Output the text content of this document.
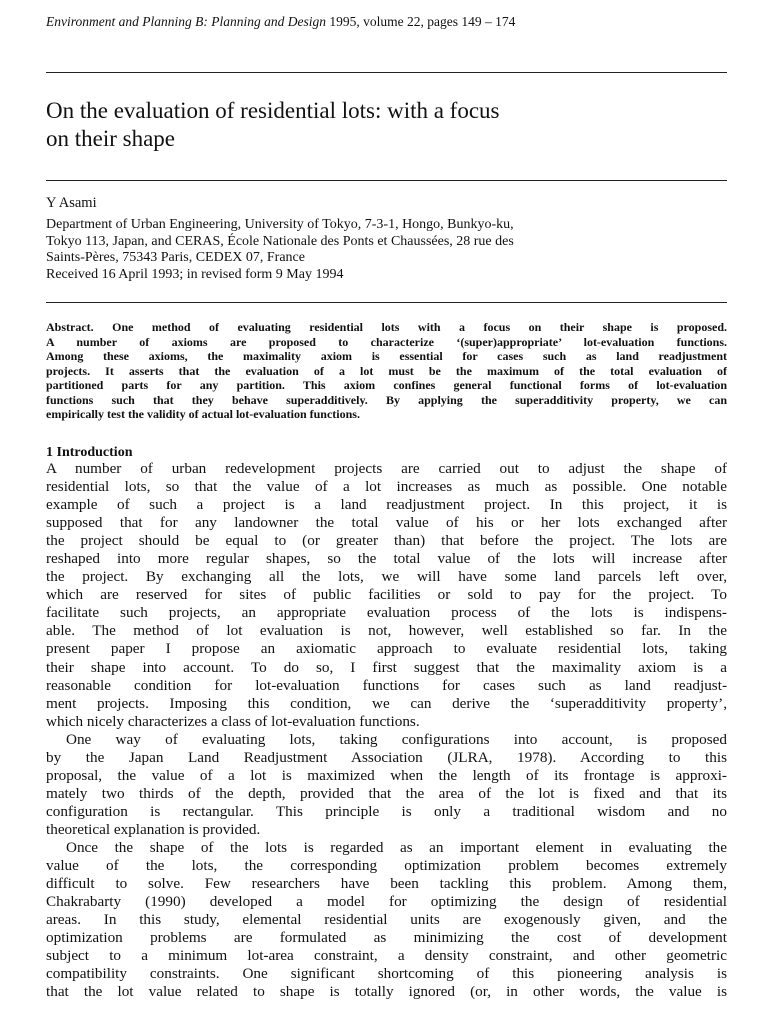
Environment and Planning B: Planning and Design 1995, volume 22, pages 149 – 174
On the evaluation of residential lots: with a focus
on their shape
Y Asami
Department of Urban Engineering, University of Tokyo, 7-3-1, Hongo, Bunkyo-ku,
Tokyo 113, Japan, and CERAS, École Nationale des Ponts et Chaussées, 28 rue des
Saints-Pères, 75343 Paris, CEDEX 07, France
Received 16 April 1993; in revised form 9 May 1994
Abstract. One method of evaluating residential lots with a focus on their shape is proposed.
A number of axioms are proposed to characterize ‘(super)appropriate’ lot-evaluation functions.
Among these axioms, the maximality axiom is essential for cases such as land readjustment
projects. It asserts that the evaluation of a lot must be the maximum of the total evaluation of
partitioned parts for any partition. This axiom confines general functional forms of lot-evaluation
functions such that they behave superadditively. By applying the superadditivity property, we can
empirically test the validity of actual lot-evaluation functions.
1 Introduction
A number of urban redevelopment projects are carried out to adjust the shape of
residential lots, so that the value of a lot increases as much as possible. One notable
example of such a project is a land readjustment project. In this project, it is
supposed that for any landowner the total value of his or her lots exchanged after
the project should be equal to (or greater than) that before the project. The lots are
reshaped into more regular shapes, so the total value of the lots will increase after
the project. By exchanging all the lots, we will have some land parcels left over,
which are reserved for sites of public facilities or sold to pay for the project. To
facilitate such projects, an appropriate evaluation process of the lots is indispens-
able. The method of lot evaluation is not, however, well established so far. In the
present paper I propose an axiomatic approach to evaluate residential lots, taking
their shape into account. To do so, I first suggest that the maximality axiom is a
reasonable condition for lot-evaluation functions for cases such as land readjust-
ment projects. Imposing this condition, we can derive the ‘superadditivity property’,
which nicely characterizes a class of lot-evaluation functions.
One way of evaluating lots, taking configurations into account, is proposed
by the Japan Land Readjustment Association (JLRA, 1978). According to this
proposal, the value of a lot is maximized when the length of its frontage is approxi-
mately two thirds of the depth, provided that the area of the lot is fixed and that its
configuration is rectangular. This principle is only a traditional wisdom and no
theoretical explanation is provided.
Once the shape of the lots is regarded as an important element in evaluating the
value of the lots, the corresponding optimization problem becomes extremely
difficult to solve. Few researchers have been tackling this problem. Among them,
Chakrabarty (1990) developed a model for optimizing the design of residential
areas. In this study, elemental residential units are exogenously given, and the
optimization problems are formulated as minimizing the cost of development
subject to a minimum lot-area constraint, a density constraint, and other geometric
compatibility constraints. One significant shortcoming of this pioneering analysis is
that the lot value related to shape is totally ignored (or, in other words, the value is
